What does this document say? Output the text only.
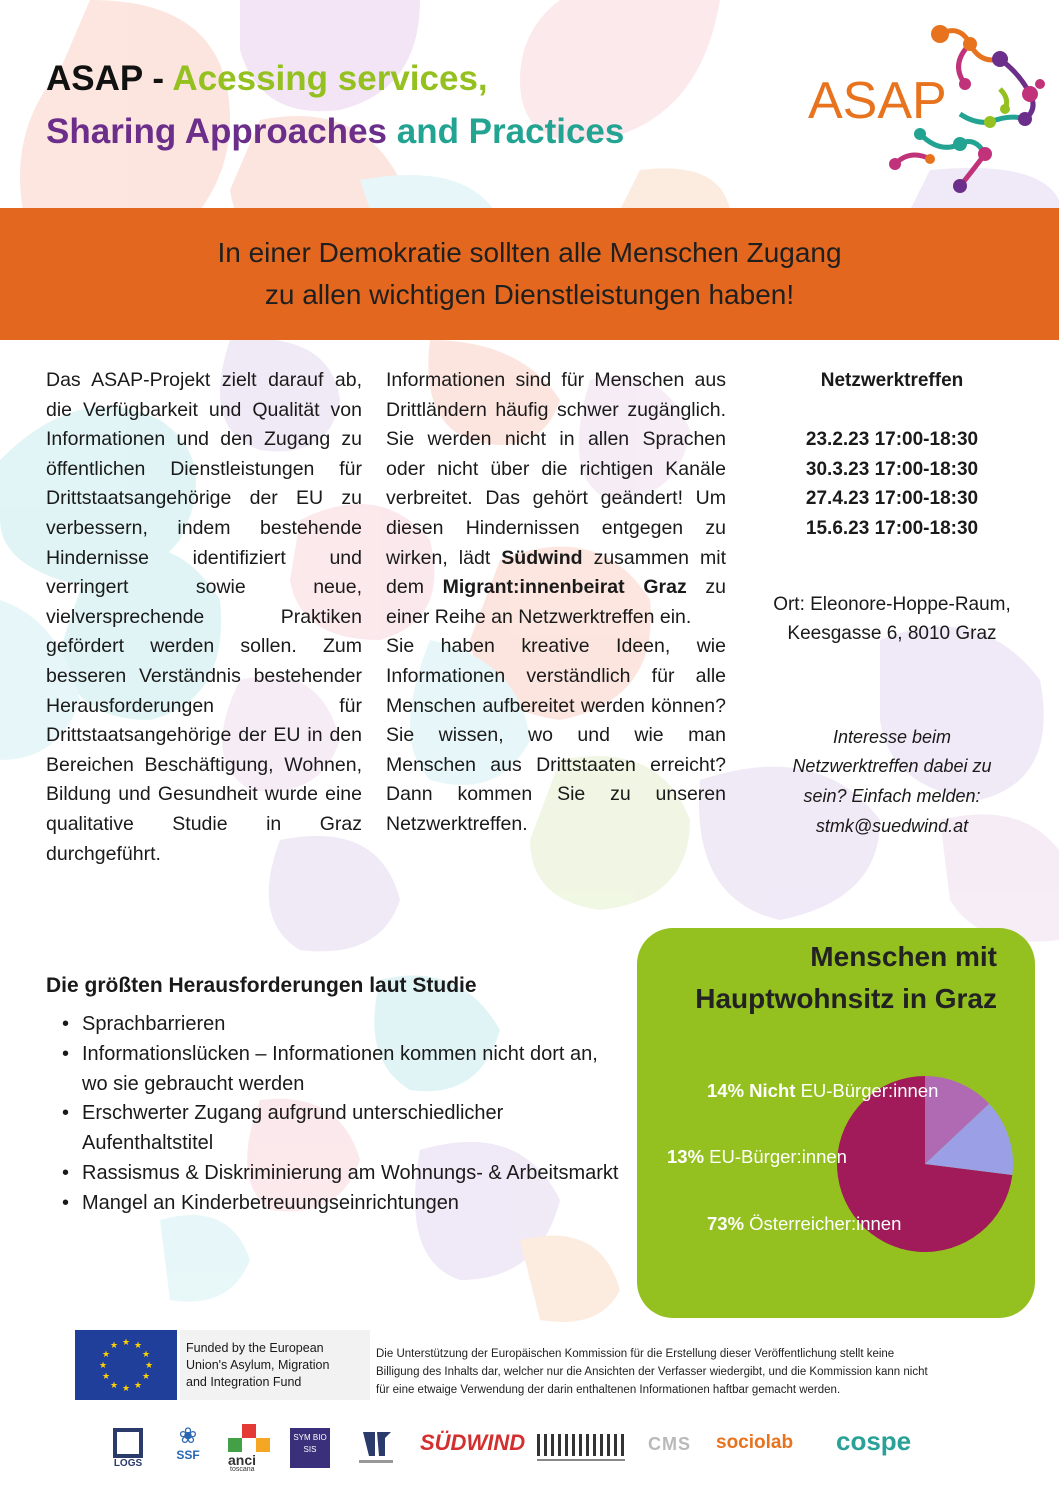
ASAP - Acessing services,
Sharing Approaches and Practices
ASAP
In einer Demokratie sollten alle Menschen Zugang
zu allen wichtigen Dienstleistungen haben!

Das ASAP-Projekt zielt darauf ab, die Verfügbarkeit und Qualität von Informationen und den Zugang zu öffentlichen Dienstleistungen für Drittstaatsangehörige der EU zu verbessern, indem bestehende Hindernisse identifiziert und verringert sowie neue, vielversprechende Praktiken gefördert werden sollen. Zum besseren Verständnis bestehender Herausforderungen für Drittstaatsangehörige der EU in den Bereichen Beschäftigung, Wohnen, Bildung und Gesundheit wurde eine qualitative Studie in Graz durchgeführt.

Informationen sind für Menschen aus Drittländern häufig schwer zugänglich. Sie werden nicht in allen Sprachen oder nicht über die richtigen Kanäle verbreitet. Das gehört geändert! Um diesen Hindernissen entgegen zu wirken, lädt Südwind zusammen mit dem Migrant:innenbeirat Graz zu einer Reihe an Netzwerktreffen ein.

Sie haben kreative Ideen, wie Informationen verständlich für alle Menschen aufbereitet werden können? Sie wissen, wo und wie man Menschen aus Drittstaaten erreicht? Dann kommen Sie zu unseren Netzwerktreffen.

Netzwerktreffen
23.2.23 17:00-18:30
30.3.23 17:00-18:30
27.4.23 17:00-18:30
15.6.23 17:00-18:30
Ort: Eleonore-Hoppe-Raum,
Keesgasse 6, 8010 Graz
Interesse beim
Netzwerktreffen dabei zu
sein? Einfach melden:
stmk@suedwind.at
Die größten Herausforderungen laut Studie
• Sprachbarrieren
• Informationslücken – Informationen kommen nicht dort an, wo sie gebraucht werden
• Erschwerter Zugang aufgrund unterschiedlicher Aufenthaltstitel
• Rassismus & Diskriminierung am Wohnungs- & Arbeitsmarkt
• Mangel an Kinderbetreuungseinrichtungen
Menschen mit Hauptwohnsitz in Graz
14% Nicht EU-Bürger:innen
13% EU-Bürger:innen
73% Österreicher:innen
★ ★
★
★
★
★
★
★
★
★
★
★	Funded by the European
Union's Asylum, Migration
and Integration Fund
Die Unterstützung der Europäischen Kommission für die Erstellung dieser Veröffentlichung stellt keine
Billigung des Inhalts dar, welcher nur die Ansichten der Verfasser wiedergibt, und die Kommission kann nicht
für eine etwaige Verwendung der darin enthaltenen Informationen haftbar gemacht werden.
LOGS
❀
SSF	anci
toscana
SYM BIO SIS	SÜDWIND	CMS sociolab cospe
